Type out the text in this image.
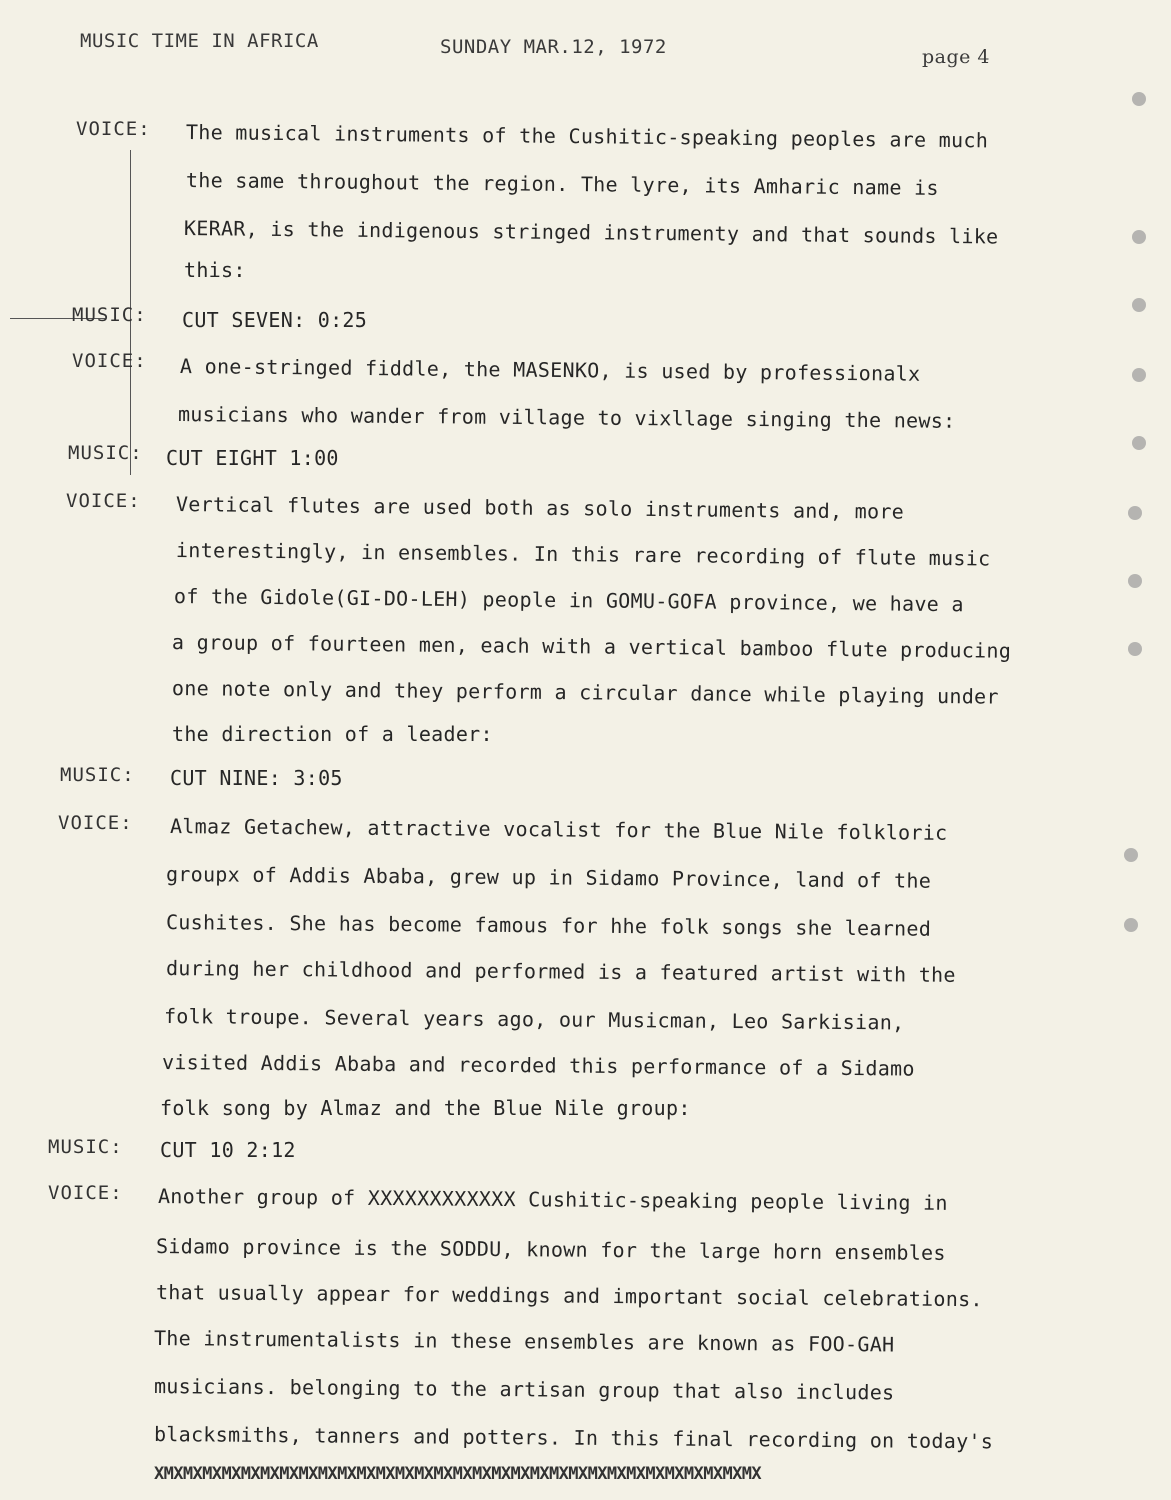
MUSIC TIME IN AFRICA	SUNDAY MAR.12, 1972	page 4
VOICE: The musical instruments of the Cushitic-speaking peoples are much
the same throughout the region. The lyre, its Amharic name is
KERAR, is the indigenous stringed instrumenty and that sounds like
this:
MUSIC: CUT SEVEN: 0:25
VOICE: A one-stringed fiddle, the MASENKO, is used by professionalx
musicians who wander from village to vixllage singing the news:
MUSIC: CUT EIGHT 1:00
VOICE: Vertical flutes are used both as solo instruments and, more
interestingly, in ensembles. In this rare recording of flute music
of the Gidole(GI-DO-LEH) people in GOMU-GOFA province, we have a
a group of fourteen men, each with a vertical bamboo flute producing
one note only and they perform a circular dance while playing under
the direction of a leader:
MUSIC: CUT NINE: 3:05
VOICE: Almaz Getachew, attractive vocalist for the Blue Nile folkloric
groupx of Addis Ababa, grew up in Sidamo Province, land of the
Cushites. She has become famous for hhe folk songs she learned
during her childhood and performed is a featured artist with the
folk troupe. Several years ago, our Musicman, Leo Sarkisian,
visited Addis Ababa and recorded this performance of a Sidamo
folk song by Almaz and the Blue Nile group:
MUSIC: CUT 10 2:12
VOICE: Another group of XXXXXXXXXXXX Cushitic-speaking people living in
Sidamo province is the SODDU, known for the large horn ensembles
that usually appear for weddings and important social celebrations.
The instrumentalists in these ensembles are known as FOO-GAH
musicians. belonging to the artisan group that also includes
blacksmiths, tanners and potters. In this final recording on today's
XMXMXMXMXMXMXMXMXMXMXMXMXMXMXMXMXMXMXMXMXMXMXMXMXMXMXMXMXMXMXMX
